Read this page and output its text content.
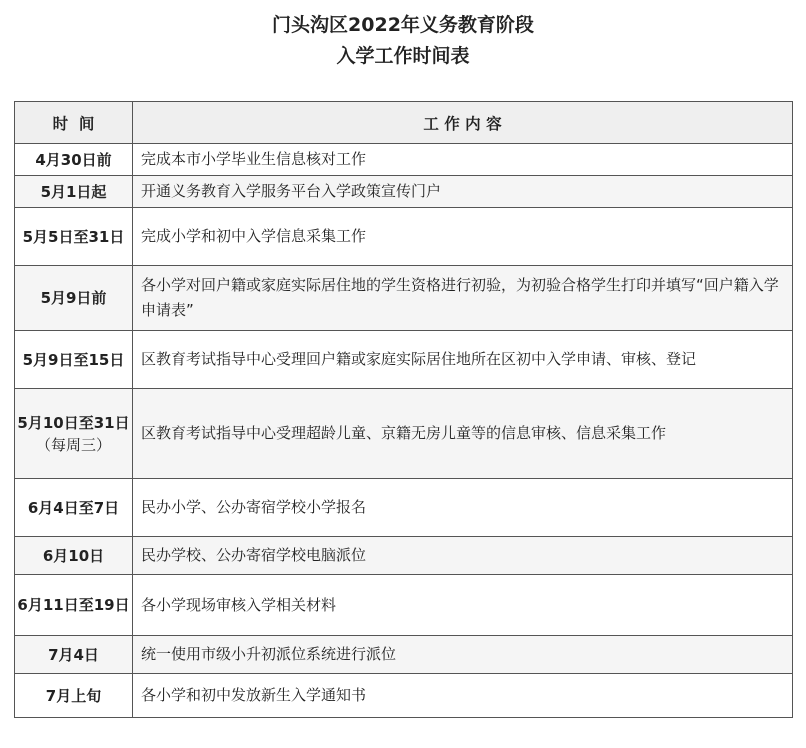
门头沟区2022年义务教育阶段
入学工作时间表
时  间	工 作 内 容
4月30日前	完成本市小学毕业生信息核对工作
5月1日起	开通义务教育入学服务平台入学政策宣传门户
5月5日至31日	完成小学和初中入学信息采集工作
5月9日前	各小学对回户籍或家庭实际居住地的学生资格进行初验，为初验合格学生打印并填写“回户籍入学申请表”
5月9日至15日	区教育考试指导中心受理回户籍或家庭实际居住地所在区初中入学申请、审核、登记
5月10日至31日
（每周三）	区教育考试指导中心受理超龄儿童、京籍无房儿童等的信息审核、信息采集工作
6月4日至7日	民办小学、公办寄宿学校小学报名
6月10日	民办学校、公办寄宿学校电脑派位
6月11日至19日	各小学现场审核入学相关材料
7月4日	统一使用市级小升初派位系统进行派位
7月上旬	各小学和初中发放新生入学通知书
